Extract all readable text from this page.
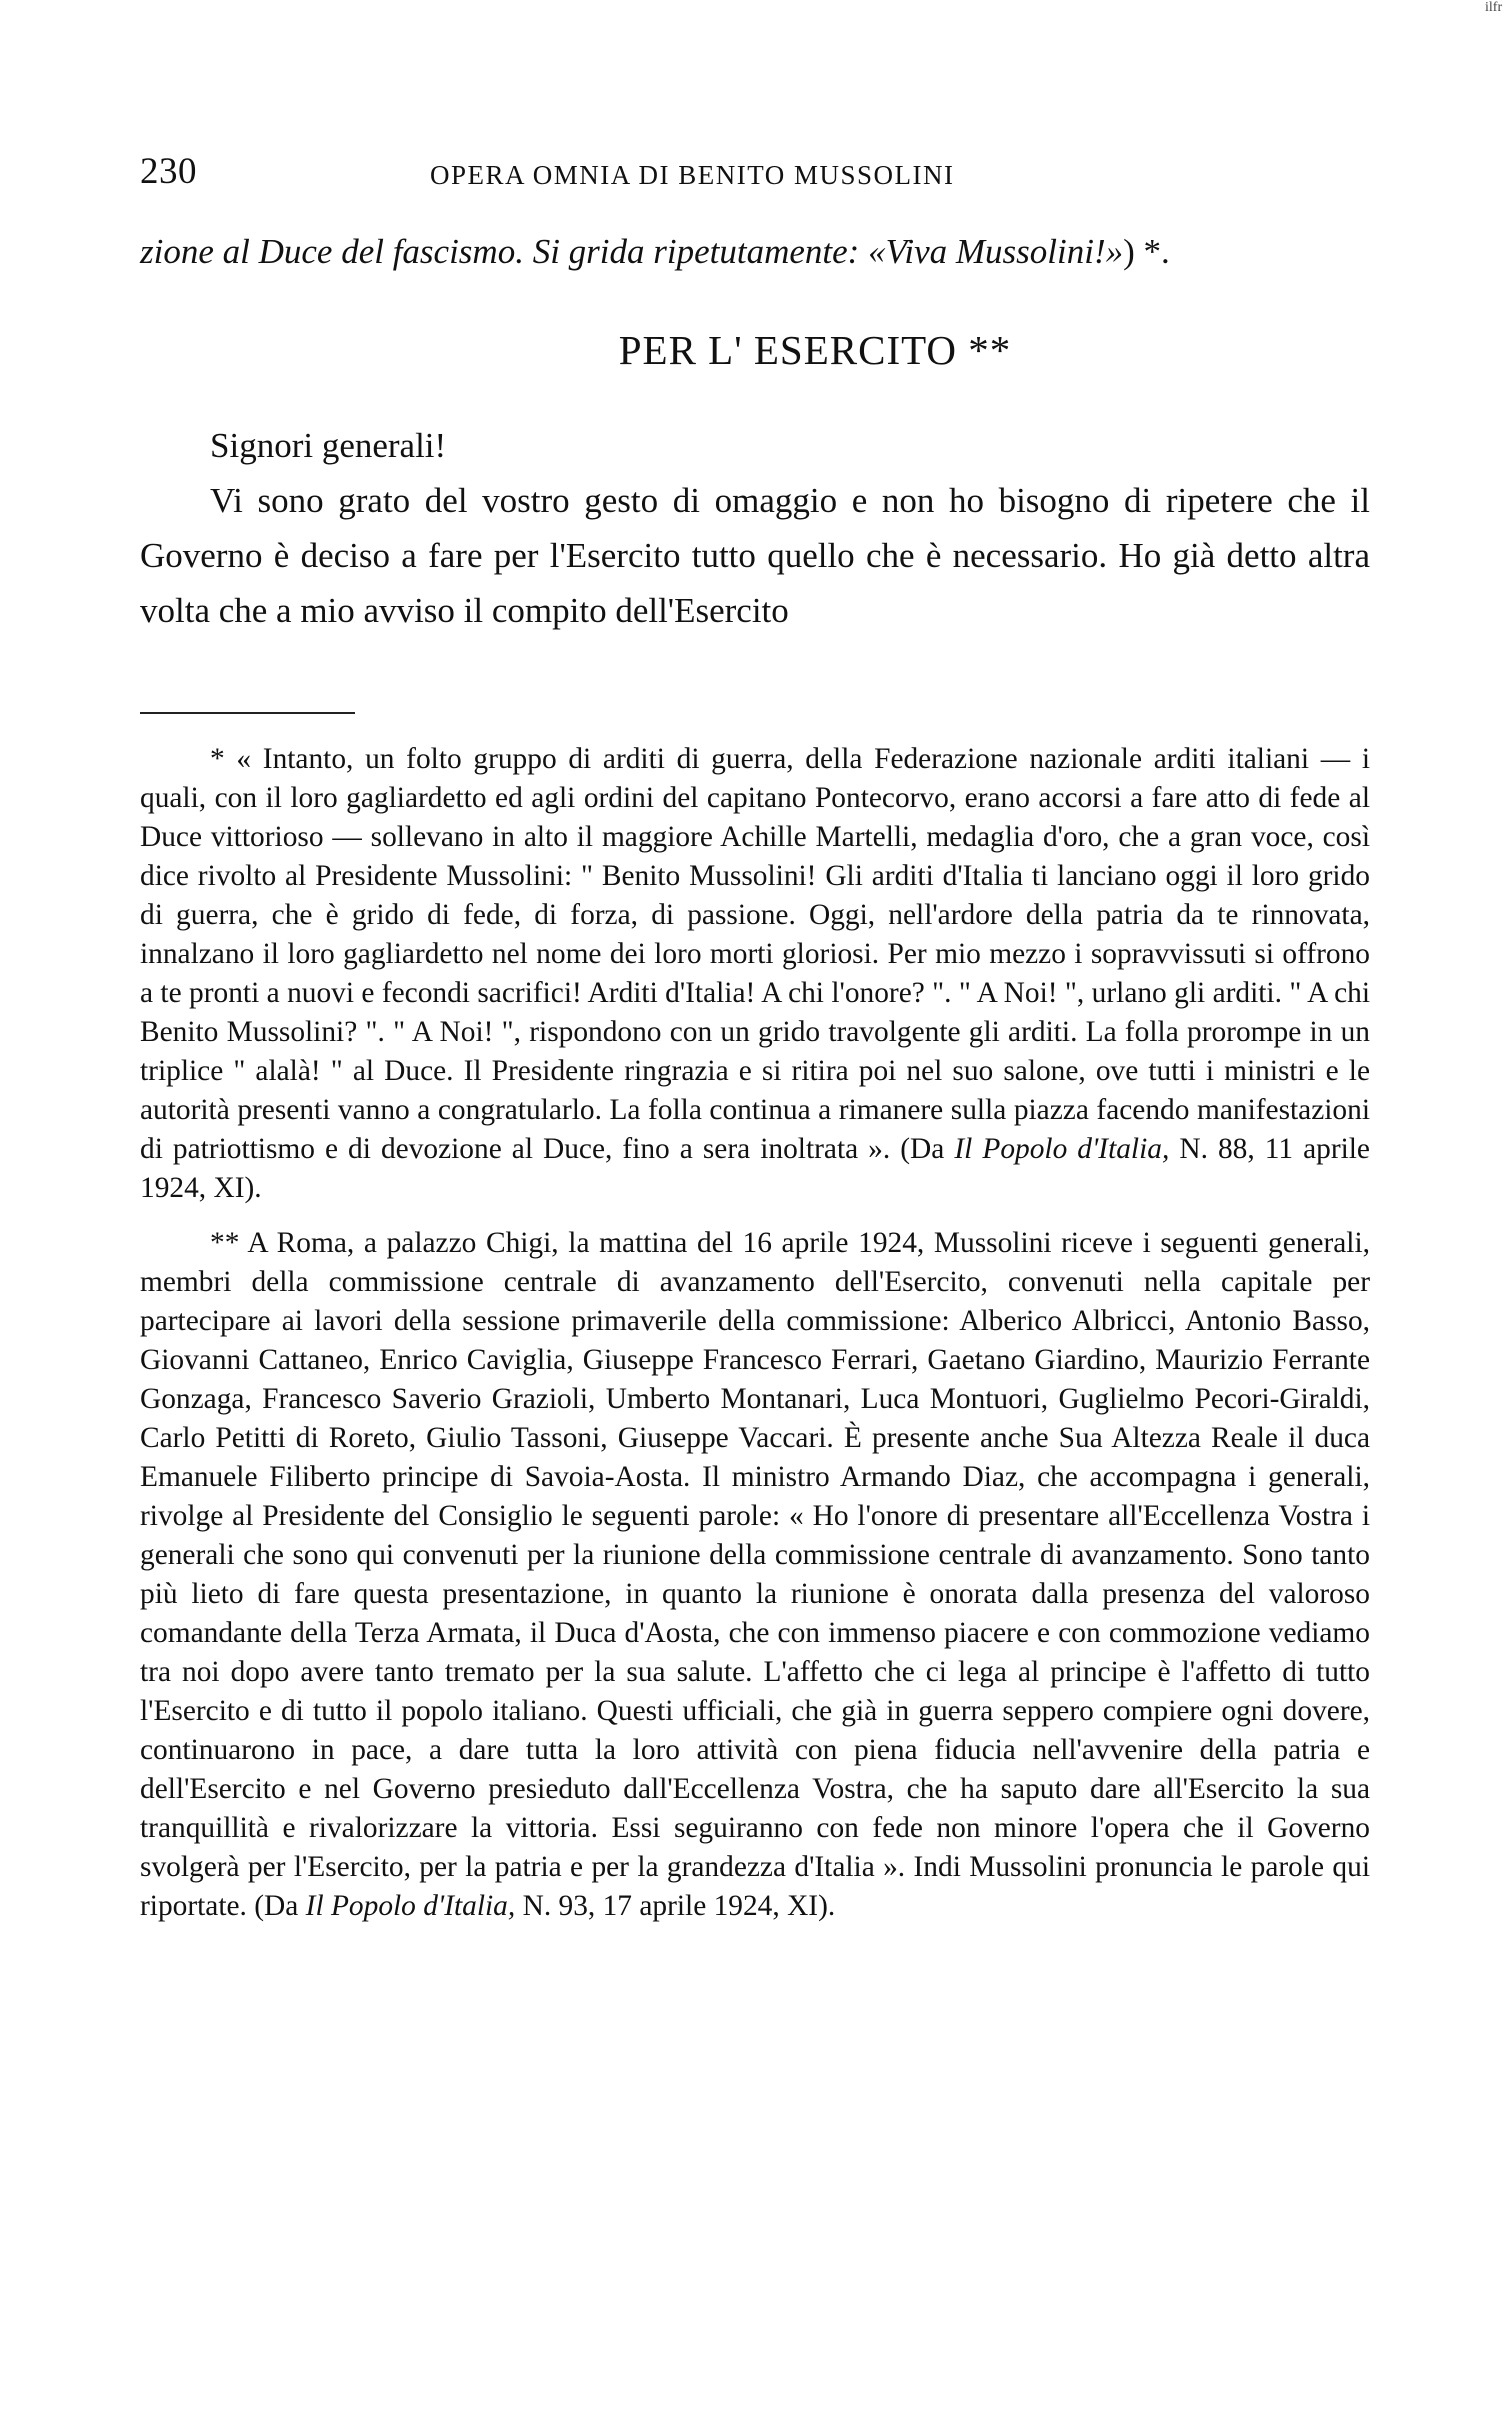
ilfr
230	OPERA OMNIA DI BENITO MUSSOLINI

zione al Duce del fascismo. Si grida ripetutamente: «Viva Mussolini!») *.

PER L' ESERCITO **

Signori generali!

Vi sono grato del vostro gesto di omaggio e non ho bisogno di ripetere che il Governo è deciso a fare per l'Esercito tutto quello che è necessario. Ho già detto altra volta che a mio avviso il compito dell'Esercito

* « Intanto, un folto gruppo di arditi di guerra, della Federazione nazionale arditi italiani — i quali, con il loro gagliardetto ed agli ordini del capitano Pontecorvo, erano accorsi a fare atto di fede al Duce vittorioso — sollevano in alto il maggiore Achille Martelli, medaglia d'oro, che a gran voce, così dice rivolto al Presidente Mussolini: " Benito Mussolini! Gli arditi d'Italia ti lanciano oggi il loro grido di guerra, che è grido di fede, di forza, di passione. Oggi, nell'ardore della patria da te rinnovata, innalzano il loro gagliardetto nel nome dei loro morti gloriosi. Per mio mezzo i sopravvissuti si offrono a te pronti a nuovi e fecondi sacrifici! Arditi d'Italia! A chi l'onore? ". " A Noi! ", urlano gli arditi. " A chi Benito Mussolini? ". " A Noi! ", rispondono con un grido travolgente gli arditi. La folla prorompe in un triplice " alalà! " al Duce. Il Presidente ringrazia e si ritira poi nel suo salone, ove tutti i ministri e le autorità presenti vanno a congratularlo. La folla continua a rimanere sulla piazza facendo manifestazioni di patriottismo e di devozione al Duce, fino a sera inoltrata ». (Da Il Popolo d'Italia, N. 88, 11 aprile 1924, XI).

** A Roma, a palazzo Chigi, la mattina del 16 aprile 1924, Mussolini riceve i seguenti generali, membri della commissione centrale di avanzamento dell'Esercito, convenuti nella capitale per partecipare ai lavori della sessione primaverile della commissione: Alberico Albricci, Antonio Basso, Giovanni Cattaneo, Enrico Caviglia, Giuseppe Francesco Ferrari, Gaetano Giardino, Maurizio Ferrante Gonzaga, Francesco Saverio Grazioli, Umberto Montanari, Luca Montuori, Guglielmo Pecori-Giraldi, Carlo Petitti di Roreto, Giulio Tassoni, Giuseppe Vaccari. È presente anche Sua Altezza Reale il duca Emanuele Filiberto principe di Savoia-Aosta. Il ministro Armando Diaz, che accompagna i generali, rivolge al Presidente del Consiglio le seguenti parole: « Ho l'onore di presentare all'Eccellenza Vostra i generali che sono qui convenuti per la riunione della commissione centrale di avanzamento. Sono tanto più lieto di fare questa presentazione, in quanto la riunione è onorata dalla presenza del valoroso comandante della Terza Armata, il Duca d'Aosta, che con immenso piacere e con commozione vediamo tra noi dopo avere tanto tremato per la sua salute. L'affetto che ci lega al principe è l'affetto di tutto l'Esercito e di tutto il popolo italiano. Questi ufficiali, che già in guerra seppero compiere ogni dovere, continuarono in pace, a dare tutta la loro attività con piena fiducia nell'avvenire della patria e dell'Esercito e nel Governo presieduto dall'Eccellenza Vostra, che ha saputo dare all'Esercito la sua tranquillità e rivalorizzare la vittoria. Essi seguiranno con fede non minore l'opera che il Governo svolgerà per l'Esercito, per la patria e per la grandezza d'Italia ». Indi Mussolini pronuncia le parole qui riportate. (Da Il Popolo d'Italia, N. 93, 17 aprile 1924, XI).
